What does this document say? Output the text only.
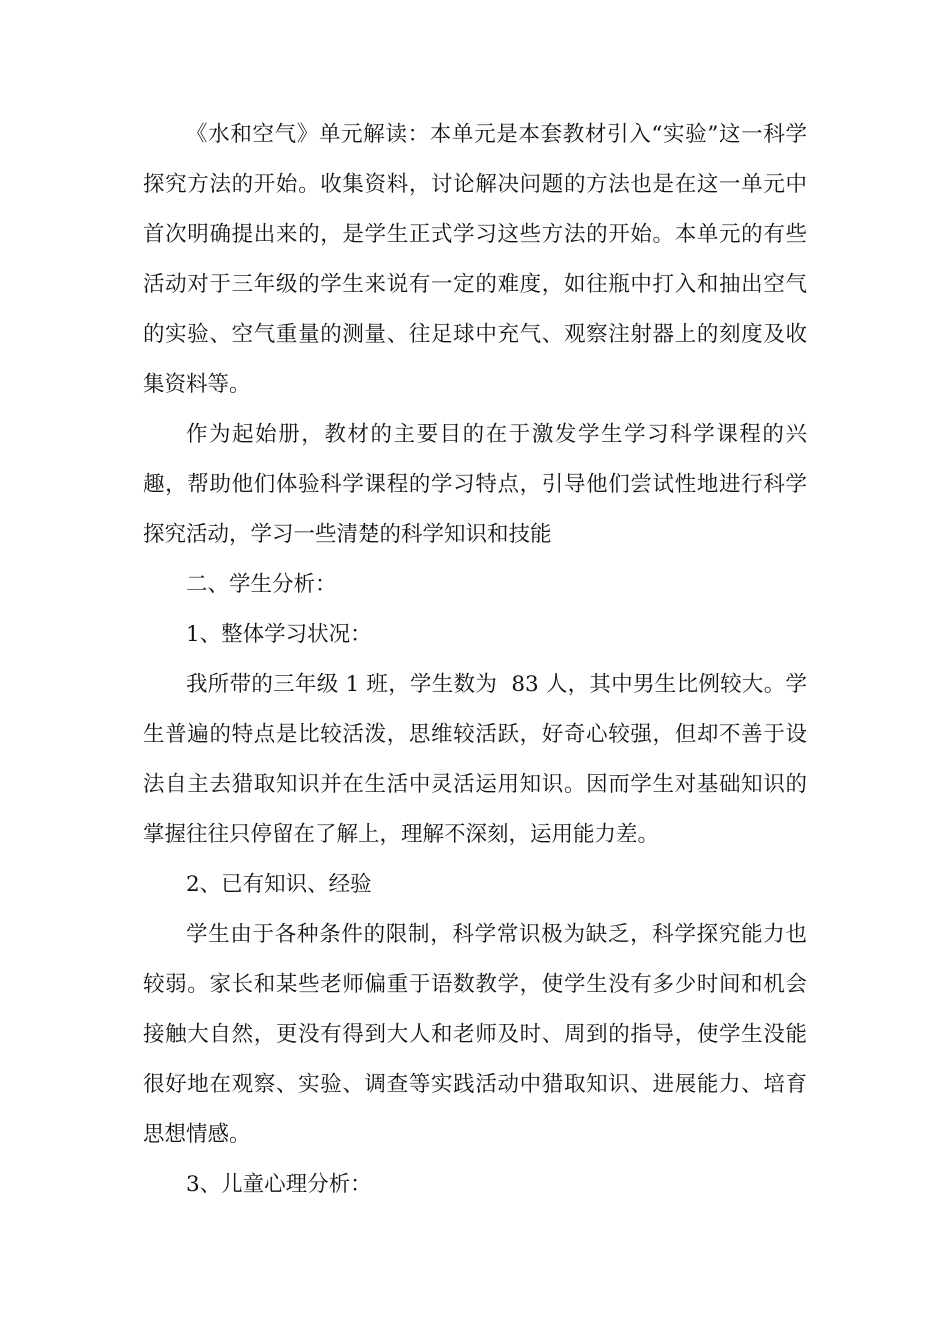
《水和空气》单元解读：本单元是本套教材引入“实验”这一科学探究方法的开始。收集资料，讨论解决问题的方法也是在这一单元中首次明确提出来的，是学生正式学习这些方法的开始。本单元的有些活动对于三年级的学生来说有一定的难度，如往瓶中打入和抽出空气的实验、空气重量的测量、往足球中充气、观察注射器上的刻度及收集资料等。

作为起始册，教材的主要目的在于激发学生学习科学课程的兴趣，帮助他们体验科学课程的学习特点，引导他们尝试性地进行科学探究活动，学习一些清楚的科学知识和技能

二、学生分析：

1、整体学习状况：

我所带的三年级 1 班，学生数为  83 人，其中男生比例较大。学生普遍的特点是比较活泼，思维较活跃，好奇心较强，但却不善于设法自主去猎取知识并在生活中灵活运用知识。因而学生对基础知识的掌握往往只停留在了解上，理解不深刻，运用能力差。

2、已有知识、经验

学生由于各种条件的限制，科学常识极为缺乏，科学探究能力也较弱。家长和某些老师偏重于语数教学，使学生没有多少时间和机会接触大自然，更没有得到大人和老师及时、周到的指导，使学生没能很好地在观察、实验、调查等实践活动中猎取知识、进展能力、培育思想情感。

3、儿童心理分析：
